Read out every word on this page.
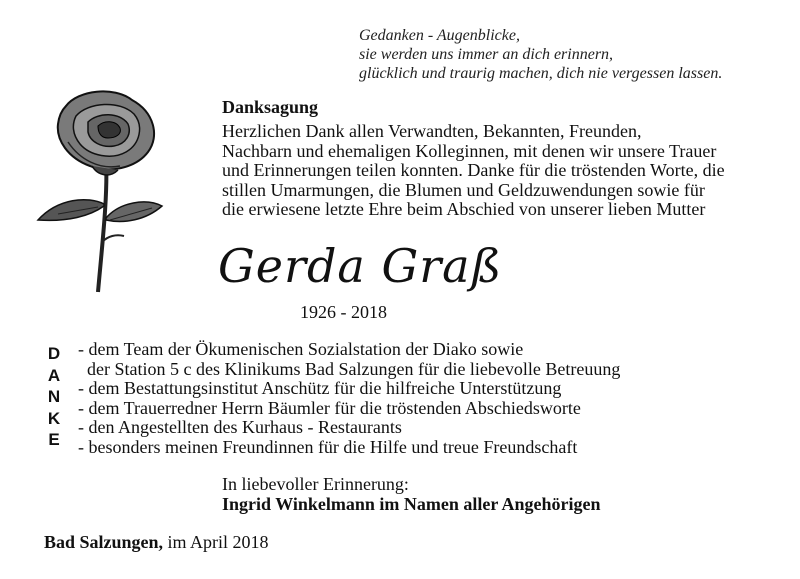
Gedanken - Augenblicke,
sie werden uns immer an dich erinnern,
glücklich und traurig machen, dich nie vergessen lassen.
Danksagung
Herzlichen Dank allen Verwandten, Bekannten, Freunden,
Nachbarn und ehemaligen Kolleginnen, mit denen wir unsere Trauer
und Erinnerungen teilen konnten. Danke für die tröstenden Worte, die
stillen Umarmungen, die Blumen und Geldzuwendungen sowie für
die erwiesene letzte Ehre beim Abschied von unserer lieben Mutter
Gerda Graß
1926 - 2018
D
A
N
K
E
- dem Team der Ökumenischen Sozialstation der Diako sowie
der Station 5 c des Klinikums Bad Salzungen für die liebevolle Betreuung
- dem Bestattungsinstitut Anschütz für die hilfreiche Unterstützung
- dem Trauerredner Herrn Bäumler für die tröstenden Abschiedsworte
- den Angestellten des Kurhaus - Restaurants
- besonders meinen Freundinnen für die Hilfe und treue Freundschaft
In liebevoller Erinnerung:
Ingrid Winkelmann im Namen aller Angehörigen
Bad Salzungen, im April 2018
